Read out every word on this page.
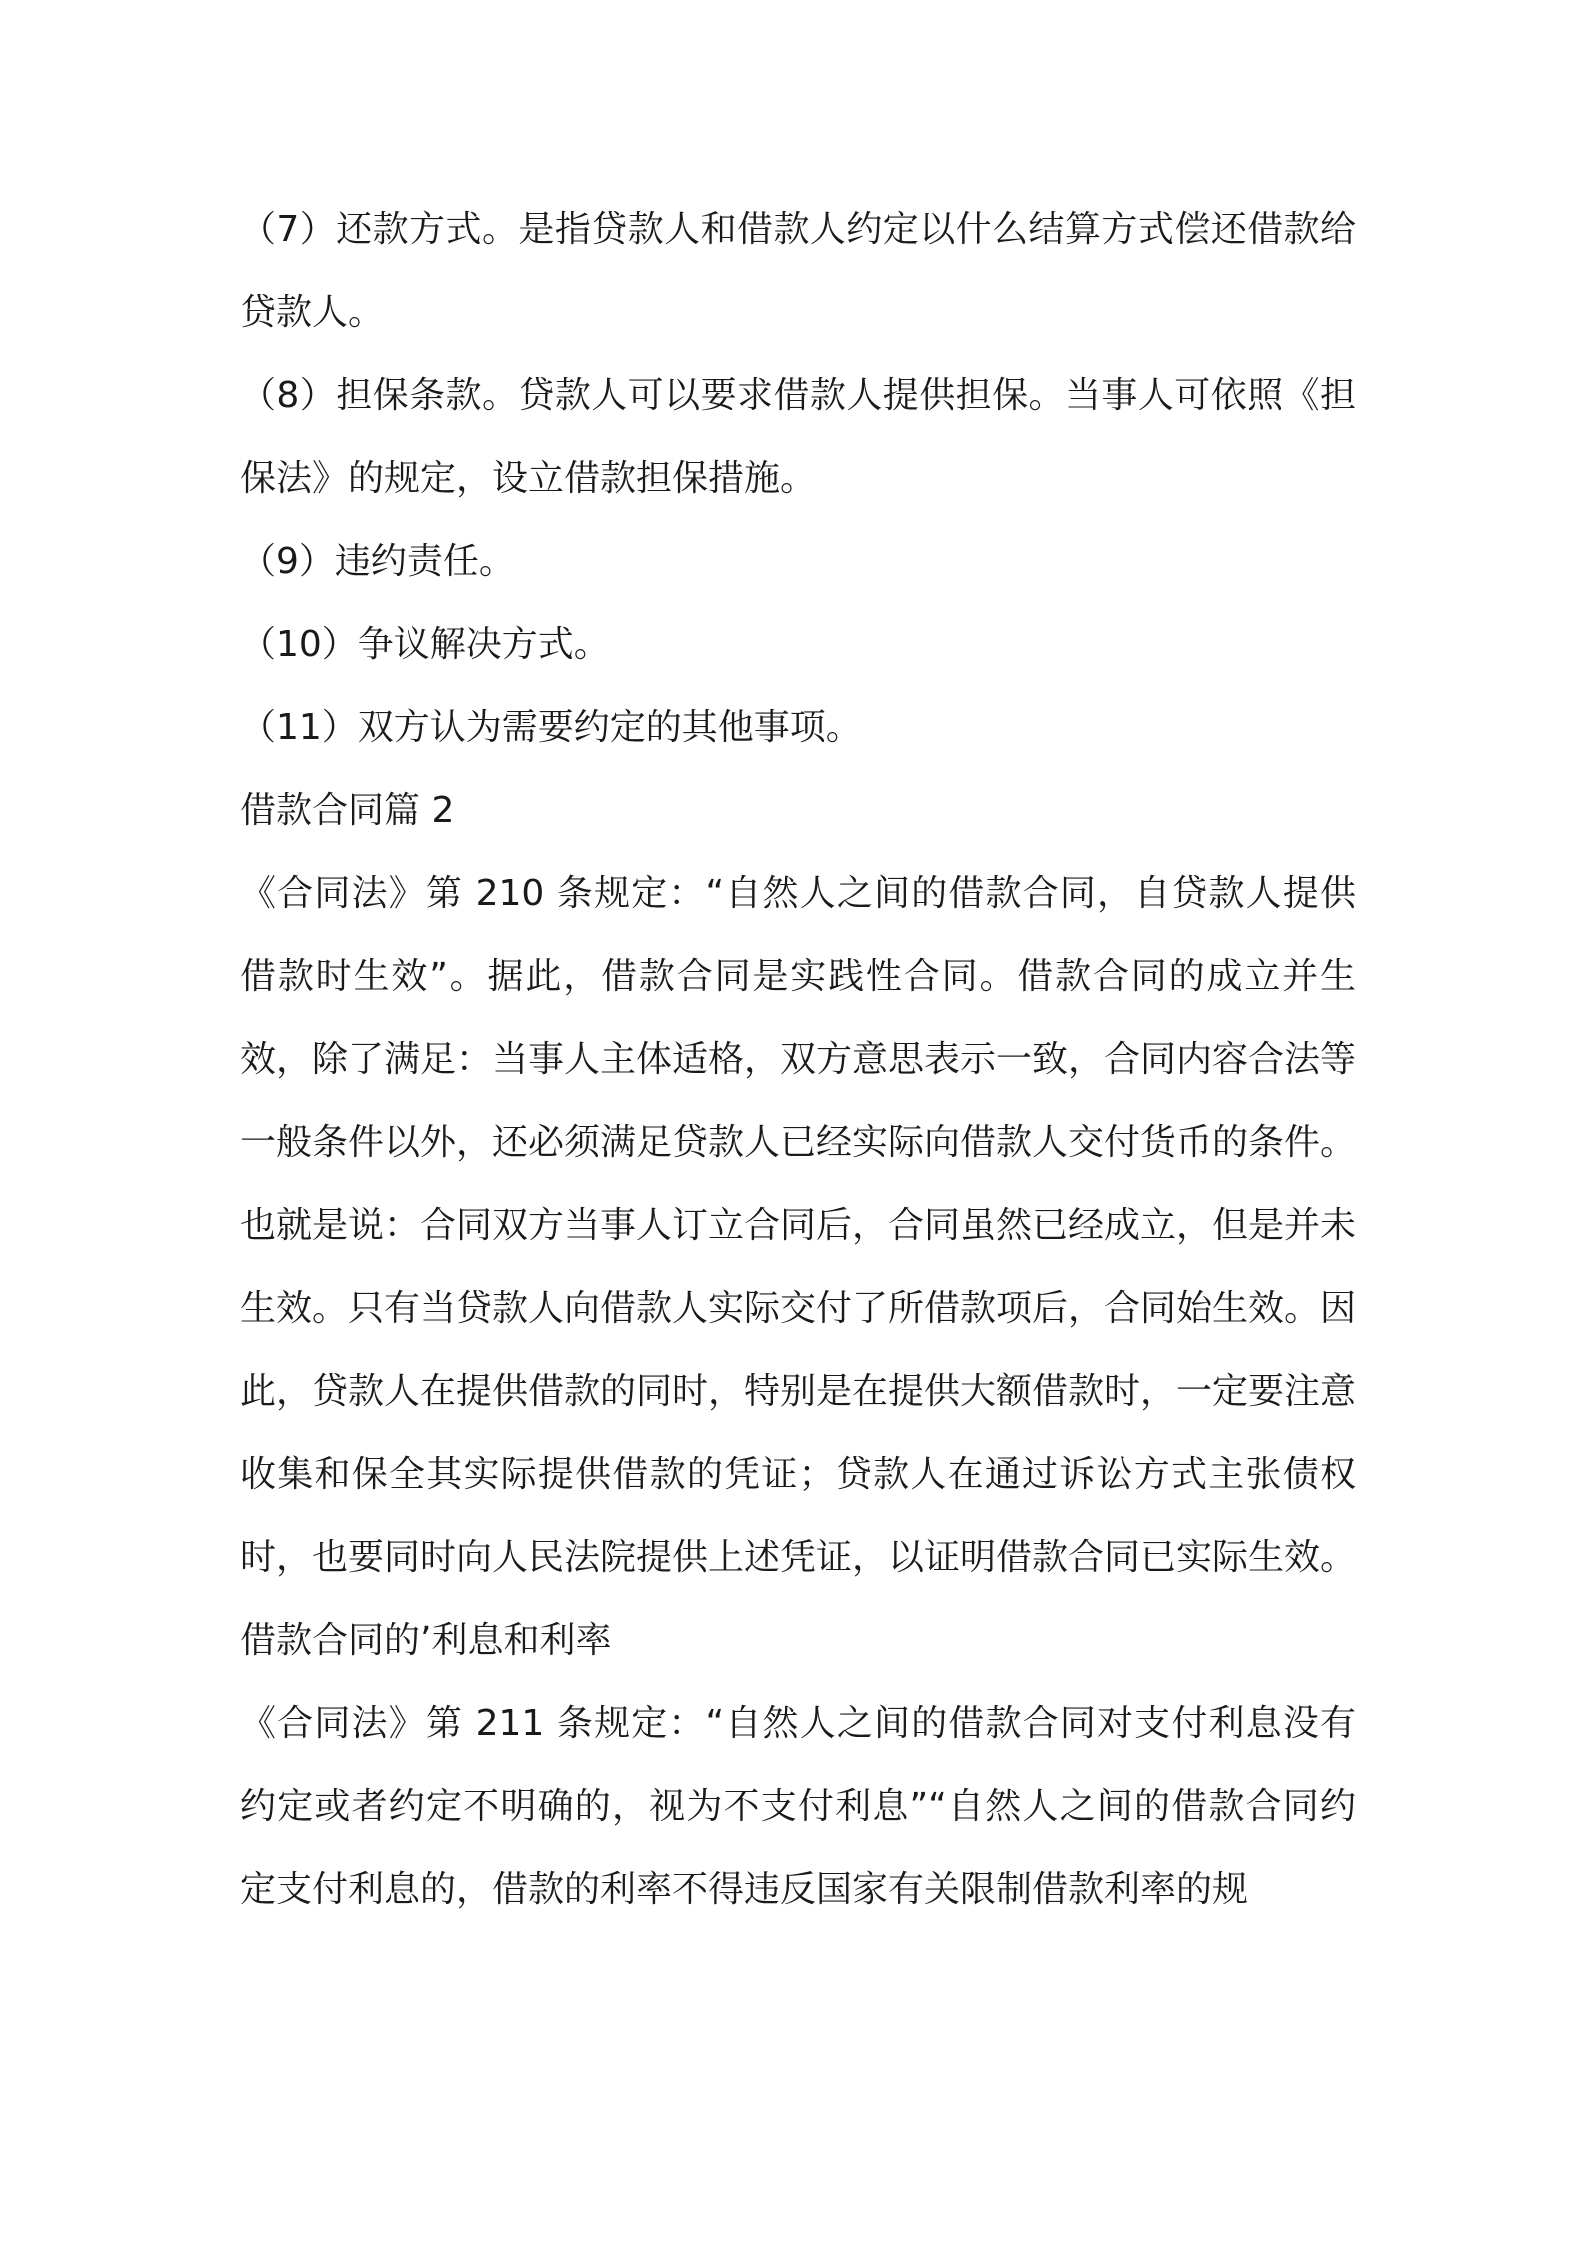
（7）还款方式。是指贷款人和借款人约定以什么结算方式偿还借款给贷款人。

（8）担保条款。贷款人可以要求借款人提供担保。当事人可依照《担保法》的规定，设立借款担保措施。

（9）违约责任。

（10）争议解决方式。

（11）双方认为需要约定的其他事项。

借款合同篇 2

《合同法》第 210 条规定：“自然人之间的借款合同，自贷款人提供借款时生效”。据此，借款合同是实践性合同。借款合同的成立并生效，除了满足：当事人主体适格，双方意思表示一致，合同内容合法等一般条件以外，还必须满足贷款人已经实际向借款人交付货币的条件。也就是说：合同双方当事人订立合同后，合同虽然已经成立，但是并未生效。只有当贷款人向借款人实际交付了所借款项后，合同始生效。因此，贷款人在提供借款的同时，特别是在提供大额借款时，一定要注意收集和保全其实际提供借款的凭证；贷款人在通过诉讼方式主张债权时，也要同时向人民法院提供上述凭证，以证明借款合同已实际生效。

借款合同的’利息和利率

《合同法》第 211 条规定：“自然人之间的借款合同对支付利息没有约定或者约定不明确的，视为不支付利息”“自然人之间的借款合同约定支付利息的，借款的利率不得违反国家有关限制借款利率的规
